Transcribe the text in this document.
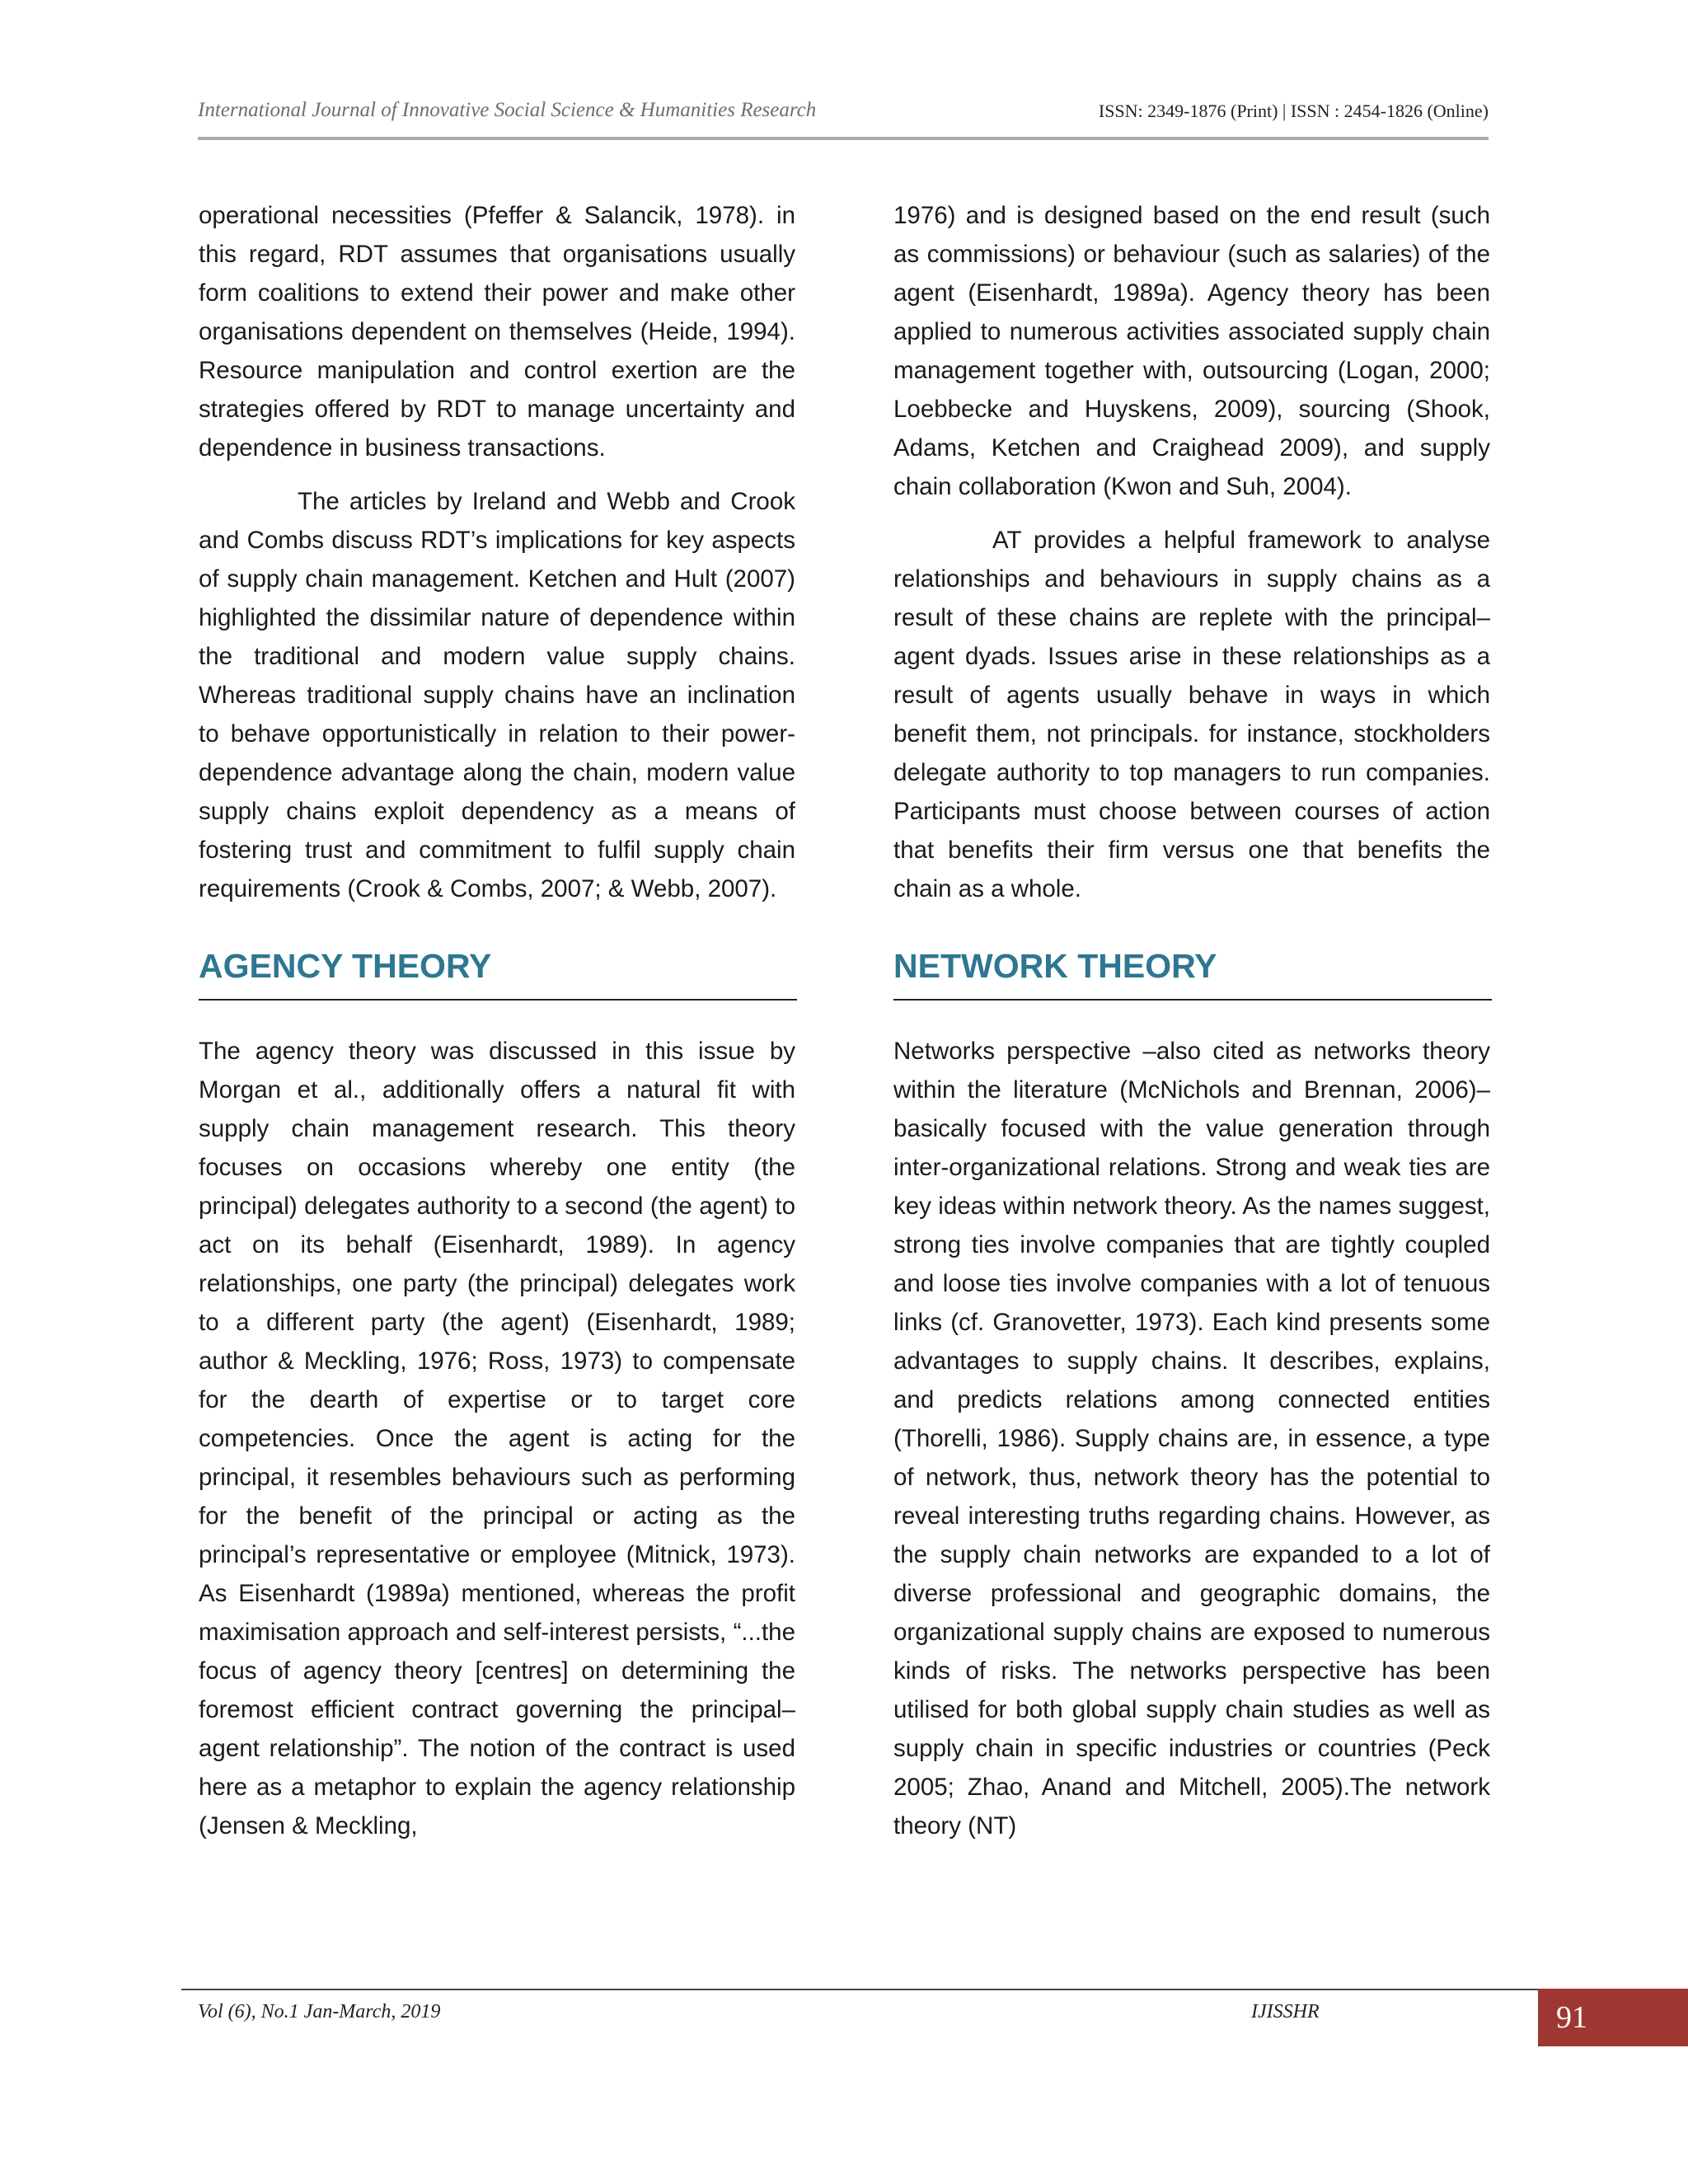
International Journal of Innovative Social Science & Humanities Research	ISSN: 2349-1876 (Print) | ISSN : 2454-1826 (Online)

operational necessities (Pfeffer & Salancik, 1978). in this regard, RDT assumes that organisations usually form coalitions to extend their power and make other organisations dependent on themselves (Heide, 1994). Resource manipulation and control exertion are the strategies offered by RDT to manage uncertainty and dependence in business transactions.

The articles by Ireland and Webb and Crook and Combs discuss RDT’s implications for key aspects of supply chain management. Ketchen and Hult (2007) highlighted the dissimilar nature of dependence within the traditional and modern value supply chains. Whereas traditional supply chains have an inclination to behave opportunistically in relation to their power-dependence advantage along the chain, modern value supply chains exploit dependency as a means of fostering trust and commitment to fulfil supply chain requirements (Crook & Combs, 2007; & Webb, 2007).

AGENCY THEORY

The agency theory was discussed in this issue by Morgan et al., additionally offers a natural fit with supply chain management research. This theory focuses on occasions whereby one entity (the principal) delegates authority to a second (the agent) to act on its behalf (Eisenhardt, 1989). In agency relationships, one party (the principal) delegates work to a different party (the agent) (Eisenhardt, 1989; author & Meckling, 1976; Ross, 1973) to compensate for the dearth of expertise or to target core competencies. Once the agent is acting for the principal, it resembles behaviours such as performing for the benefit of the principal or acting as the principal’s representative or employee (Mitnick, 1973). As Eisenhardt (1989a) mentioned, whereas the profit maximisation approach and self-interest persists, “...the focus of agency theory [centres] on determining the foremost efficient contract governing the principal–agent relationship”. The notion of the contract is used here as a metaphor to explain the agency relationship (Jensen & Meckling,

1976) and is designed based on the end result (such as commissions) or behaviour (such as salaries) of the agent (Eisenhardt, 1989a). Agency theory has been applied to numerous activities associated supply chain management together with, outsourcing (Logan, 2000; Loebbecke and Huyskens, 2009), sourcing (Shook, Adams, Ketchen and Craighead 2009), and supply chain collaboration (Kwon and Suh, 2004).

AT provides a helpful framework to analyse relationships and behaviours in supply chains as a result of these chains are replete with the principal–agent dyads. Issues arise in these relationships as a result of agents usually behave in ways in which benefit them, not principals. for instance, stockholders delegate authority to top managers to run companies. Participants must choose between courses of action that benefits their firm versus one that benefits the chain as a whole.

NETWORK THEORY

Networks perspective –also cited as networks theory within the literature (McNichols and Brennan, 2006)– basically focused with the value generation through inter-organizational relations. Strong and weak ties are key ideas within network theory. As the names suggest, strong ties involve companies that are tightly coupled and loose ties involve companies with a lot of tenuous links (cf. Granovetter, 1973). Each kind presents some advantages to supply chains. It describes, explains, and predicts relations among connected entities (Thorelli, 1986). Supply chains are, in essence, a type of network, thus, network theory has the potential to reveal interesting truths regarding chains. However, as the supply chain networks are expanded to a lot of diverse professional and geographic domains, the organizational supply chains are exposed to numerous kinds of risks. The networks perspective has been utilised for both global supply chain studies as well as supply chain in specific industries or countries (Peck 2005; Zhao, Anand and Mitchell, 2005).The network theory (NT)

Vol (6), No.1 Jan-March, 2019	IJISSHR	91
